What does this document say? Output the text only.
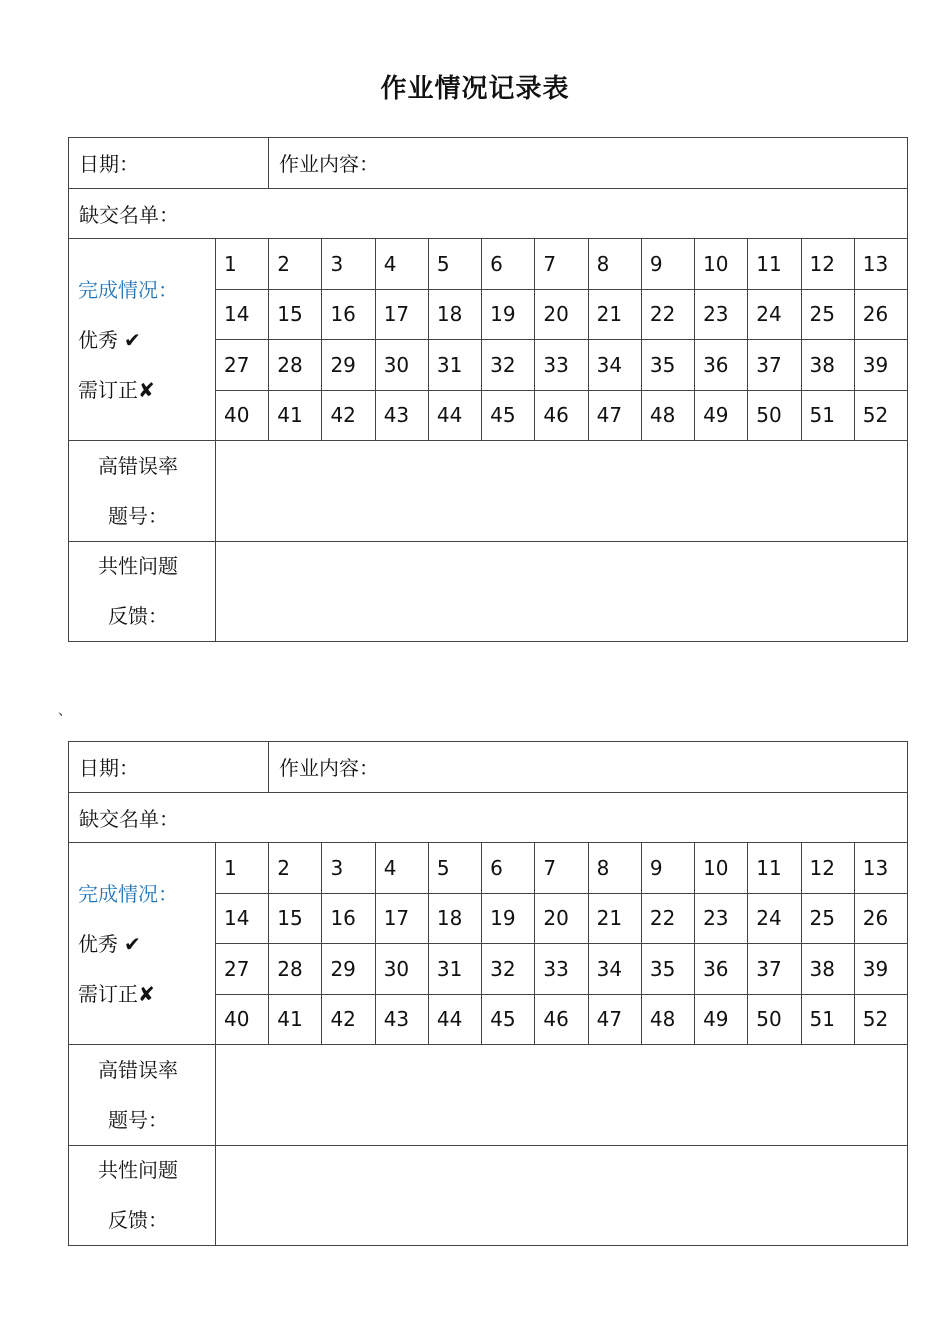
作业情况记录表
、
日期：	作业内容：
缺交名单：
完成情况：
优秀 ✔
需订正✘
1 2 3 4 5 6 7 8 9 10 11 12 13
14 15 16 17 18 19 20 21 22 23 24 25 26
27 28 29 30 31 32 33 34 35 36 37 38 39
40 41 42 43 44 45 46 47 48 49 50 51 52
高错误率
题号：
共性问题
反馈：
日期：	作业内容：
缺交名单：
完成情况：
优秀 ✔
需订正✘
1 2 3 4 5 6 7 8 9 10 11 12 13
14 15 16 17 18 19 20 21 22 23 24 25 26
27 28 29 30 31 32 33 34 35 36 37 38 39
40 41 42 43 44 45 46 47 48 49 50 51 52
高错误率
题号：
共性问题
反馈：
